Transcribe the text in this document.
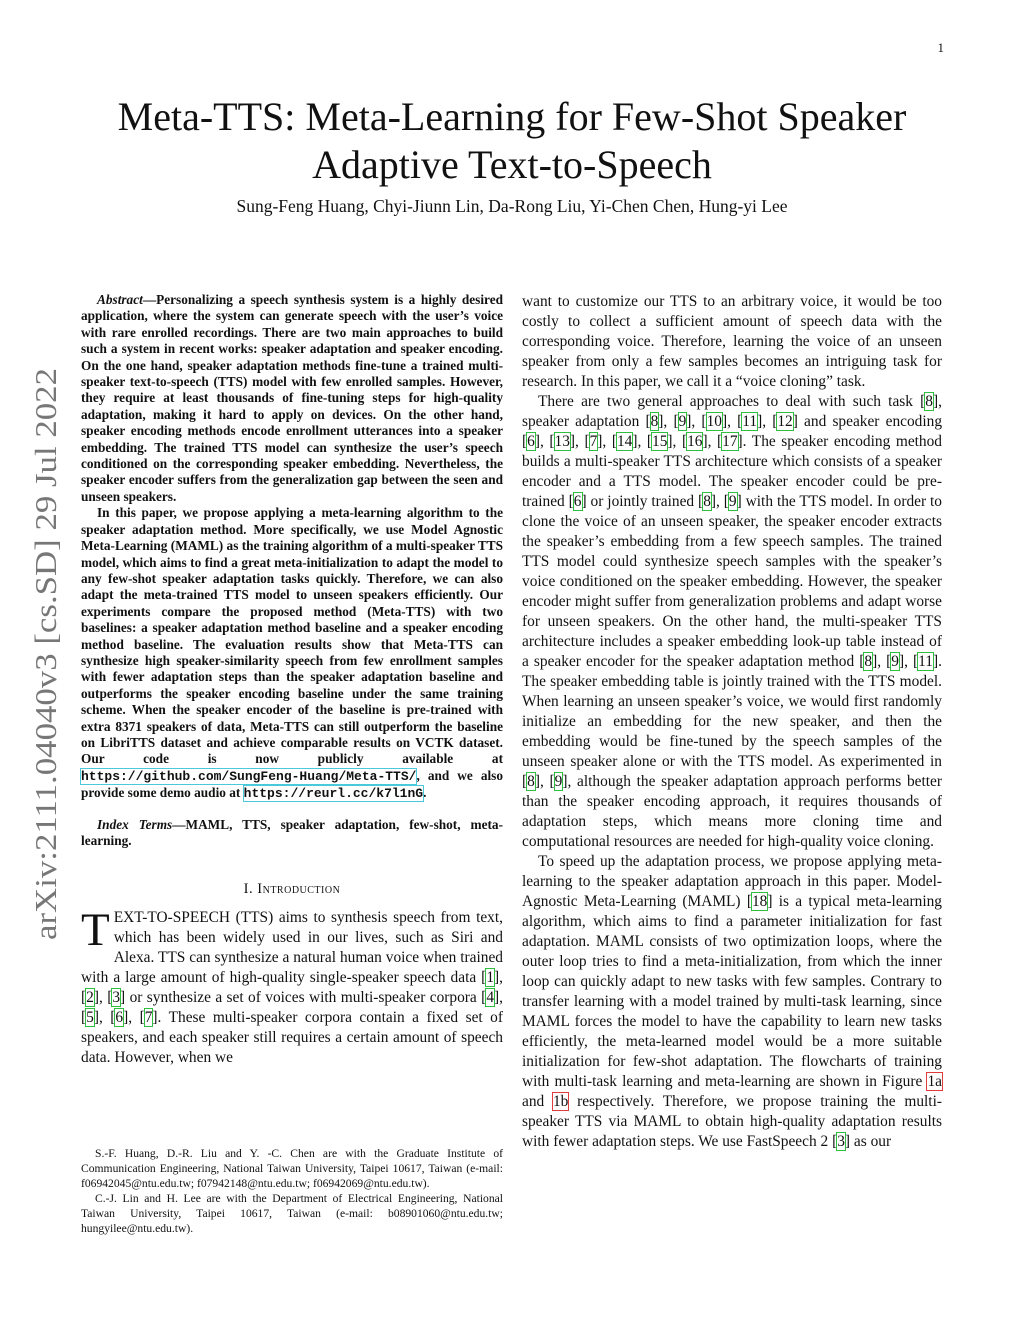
1
arXiv:2111.04040v3 [cs.SD] 29 Jul 2022
Meta-TTS: Meta-Learning for Few-Shot Speaker
Adaptive Text-to-Speech
Sung-Feng Huang, Chyi-Jiunn Lin, Da-Rong Liu, Yi-Chen Chen, Hung-yi Lee

Abstract—Personalizing a speech synthesis system is a highly desired application, where the system can generate speech with the user’s voice with rare enrolled recordings. There are two main approaches to build such a system in recent works: speaker adaptation and speaker encoding. On the one hand, speaker adaptation methods fine-tune a trained multi-speaker text-to-speech (TTS) model with few enrolled samples. However, they require at least thousands of fine-tuning steps for high-quality adaptation, making it hard to apply on devices. On the other hand, speaker encoding methods encode enrollment utterances into a speaker embedding. The trained TTS model can synthesize the user’s speech conditioned on the corresponding speaker embedding. Nevertheless, the speaker encoder suffers from the generalization gap between the seen and unseen speakers.

In this paper, we propose applying a meta-learning algorithm to the speaker adaptation method. More specifically, we use Model Agnostic Meta-Learning (MAML) as the training algorithm of a multi-speaker TTS model, which aims to find a great meta-initialization to adapt the model to any few-shot speaker adaptation tasks quickly. Therefore, we can also adapt the meta-trained TTS model to unseen speakers efficiently. Our experiments compare the proposed method (Meta-TTS) with two baselines: a speaker adaptation method baseline and a speaker encoding method baseline. The evaluation results show that Meta-TTS can synthesize high speaker-similarity speech from few enrollment samples with fewer adaptation steps than the speaker adaptation baseline and outperforms the speaker encoding baseline under the same training scheme. When the speaker encoder of the baseline is pre-trained with extra 8371 speakers of data, Meta-TTS can still outperform the baseline on LibriTTS dataset and achieve comparable results on VCTK dataset. Our code is now publicly available at https://github.com/SungFeng-Huang/Meta-TTS/, and we also provide some demo audio at https://reurl.cc/k7l1nG.

Index Terms—MAML, TTS, speaker adaptation, few-shot, meta-learning.

I. Introduction

TEXT-TO-SPEECH (TTS) aims to synthesis speech from text, which has been widely used in our lives, such as Siri and Alexa. TTS can synthesize a natural human voice when trained with a large amount of high-quality single-speaker speech data [1], [2], [3] or synthesize a set of voices with multi-speaker corpora [4], [5], [6], [7]. These multi-speaker corpora contain a fixed set of speakers, and each speaker still requires a certain amount of speech data. However, when we

S.-F. Huang, D.-R. Liu and Y. -C. Chen are with the Graduate Institute of Communication Engineering, National Taiwan University, Taipei 10617, Taiwan (e-mail: f06942045@ntu.edu.tw; f07942148@ntu.edu.tw; f06942069@ntu.edu.tw).

C.-J. Lin and H. Lee are with the Department of Electrical Engineering, National Taiwan University, Taipei 10617, Taiwan (e-mail: b08901060@ntu.edu.tw; hungyilee@ntu.edu.tw).

want to customize our TTS to an arbitrary voice, it would be too costly to collect a sufficient amount of speech data with the corresponding voice. Therefore, learning the voice of an unseen speaker from only a few samples becomes an intriguing task for research. In this paper, we call it a “voice cloning” task.

There are two general approaches to deal with such task [8], speaker adaptation [8], [9], [10], [11], [12] and speaker encoding [6], [13], [7], [14], [15], [16], [17]. The speaker encoding method builds a multi-speaker TTS architecture which consists of a speaker encoder and a TTS model. The speaker encoder could be pre-trained [6] or jointly trained [8], [9] with the TTS model. In order to clone the voice of an unseen speaker, the speaker encoder extracts the speaker’s embedding from a few speech samples. The trained TTS model could synthesize speech samples with the speaker’s voice conditioned on the speaker embedding. However, the speaker encoder might suffer from generalization problems and adapt worse for unseen speakers. On the other hand, the multi-speaker TTS architecture includes a speaker embedding look-up table instead of a speaker encoder for the speaker adaptation method [8], [9], [11]. The speaker embedding table is jointly trained with the TTS model. When learning an unseen speaker’s voice, we would first randomly initialize an embedding for the new speaker, and then the embedding would be fine-tuned by the speech samples of the unseen speaker alone or with the TTS model. As experimented in [8], [9], although the speaker adaptation approach performs better than the speaker encoding approach, it requires thousands of adaptation steps, which means more cloning time and computational resources are needed for high-quality voice cloning.

To speed up the adaptation process, we propose applying meta-learning to the speaker adaptation approach in this paper. Model-Agnostic Meta-Learning (MAML) [18] is a typical meta-learning algorithm, which aims to find a parameter initialization for fast adaptation. MAML consists of two optimization loops, where the outer loop tries to find a meta-initialization, from which the inner loop can quickly adapt to new tasks with few samples. Contrary to transfer learning with a model trained by multi-task learning, since MAML forces the model to have the capability to learn new tasks efficiently, the meta-learned model would be a more suitable initialization for few-shot adaptation. The flowcharts of training with multi-task learning and meta-learning are shown in Figure 1a and 1b respectively. Therefore, we propose training the multi-speaker TTS via MAML to obtain high-quality adaptation results with fewer adaptation steps. We use FastSpeech 2 [3] as our
